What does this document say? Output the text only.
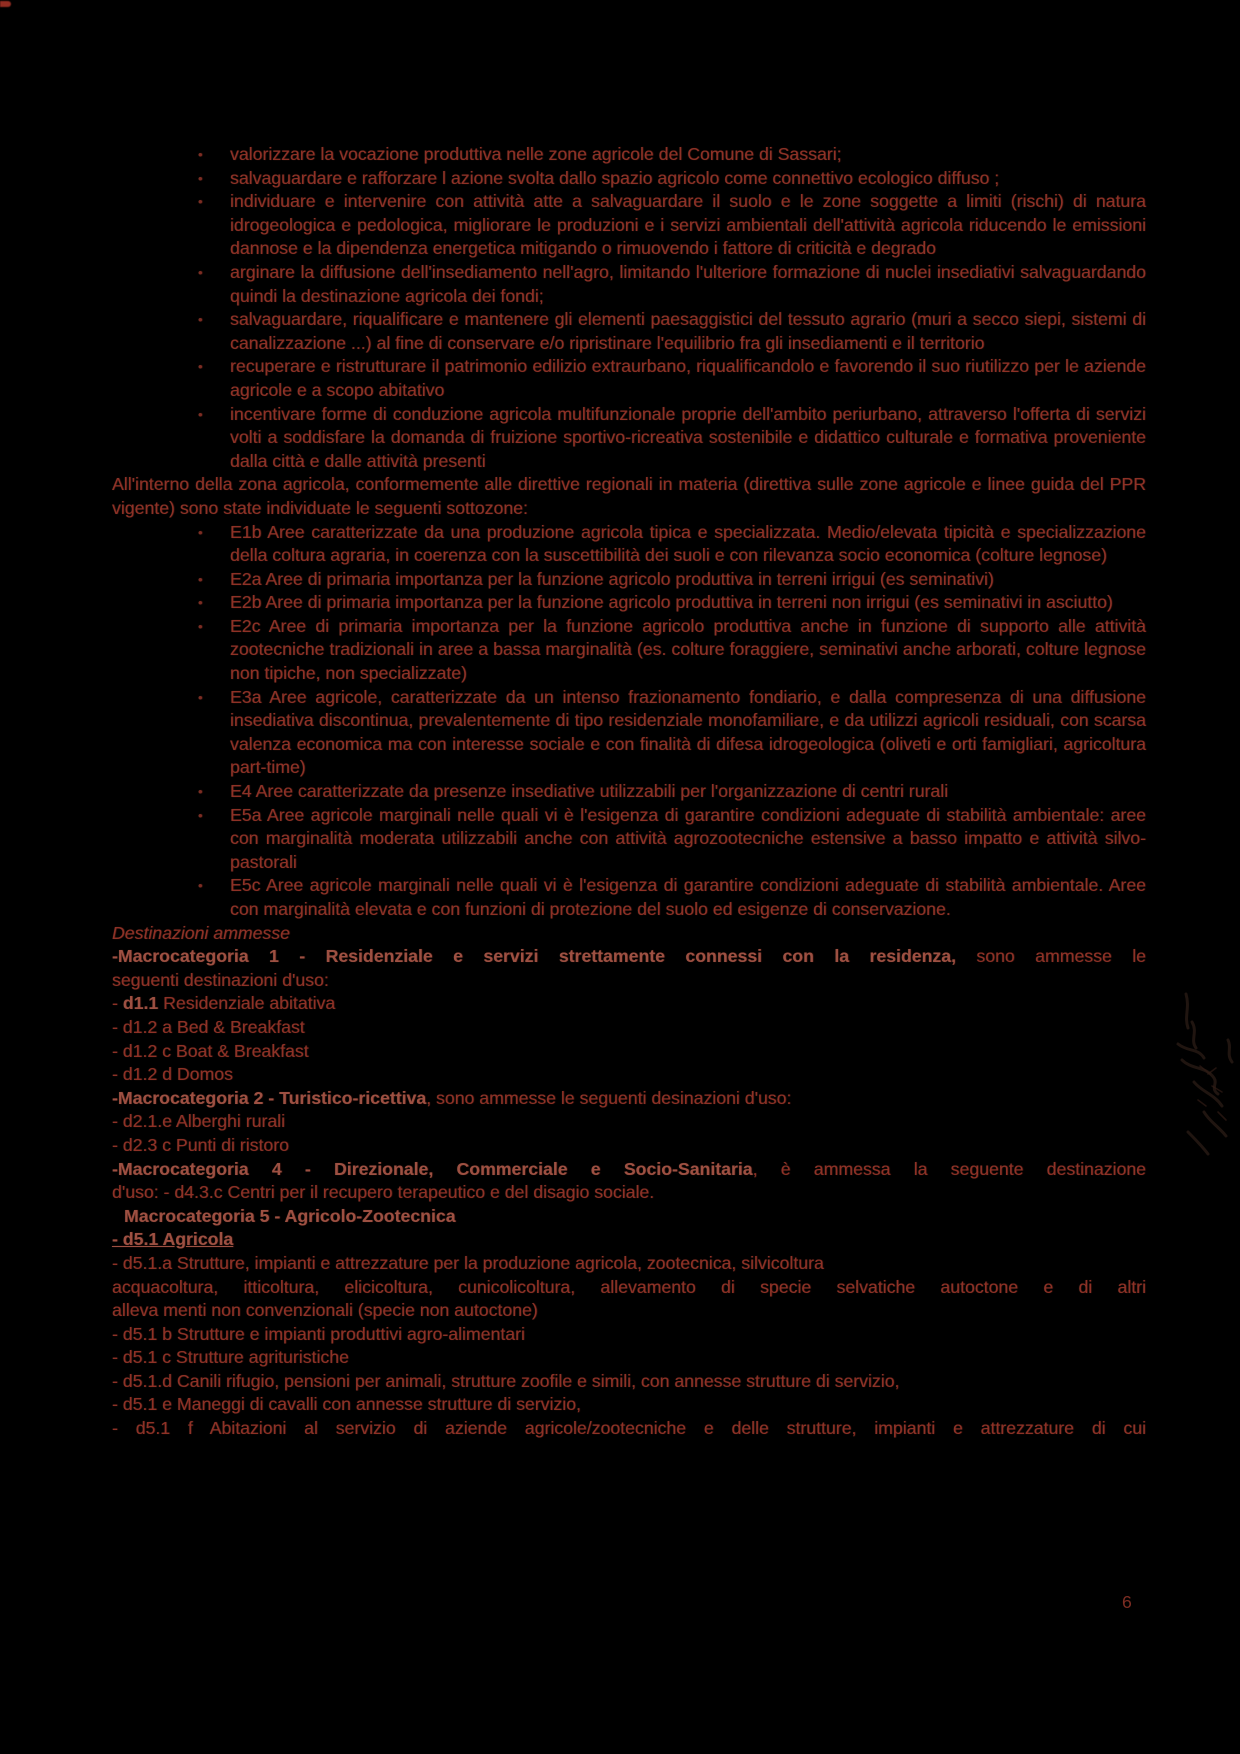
• valorizzare la vocazione produttiva nelle zone agricole del Comune di Sassari;
• salvaguardare e rafforzare l azione svolta dallo spazio agricolo come connettivo ecologico diffuso ;
• individuare e intervenire con attività atte a salvaguardare il suolo e le zone soggette a limiti (rischi) di natura idrogeologica e pedologica, migliorare le produzioni e i servizi ambientali dell'attività agricola riducendo le emissioni dannose e la dipendenza energetica mitigando o rimuovendo i fattore di criticità e degrado
• arginare la diffusione dell'insediamento nell'agro, limitando l'ulteriore formazione di nuclei insediativi salvaguardando quindi la destinazione agricola dei fondi;
• salvaguardare, riqualificare e mantenere gli elementi paesaggistici del tessuto agrario (muri a secco siepi, sistemi di canalizzazione ...) al fine di conservare e/o ripristinare l'equilibrio fra gli insediamenti e il territorio
• recuperare e ristrutturare il patrimonio edilizio extraurbano, riqualificandolo e favorendo il suo riutilizzo per le aziende agricole e a scopo abitativo
• incentivare forme di conduzione agricola multifunzionale proprie dell'ambito periurbano, attraverso l'offerta di servizi volti a soddisfare la domanda di fruizione sportivo-ricreativa sostenibile e didattico culturale e formativa proveniente dalla città e dalle attività presenti

All'interno della zona agricola, conformemente alle direttive regionali in materia (direttiva sulle zone agricole e linee guida del PPR vigente) sono state individuate le seguenti sottozone:

• E1b Aree caratterizzate da una produzione agricola tipica e specializzata. Medio/elevata tipicità e specializzazione della coltura agraria, in coerenza con la suscettibilità dei suoli e con rilevanza socio economica (colture legnose)
• E2a Aree di primaria importanza per la funzione agricolo produttiva in terreni irrigui (es seminativi)
• E2b Aree di primaria importanza per la funzione agricolo produttiva in terreni non irrigui (es seminativi in asciutto)
• E2c Aree di primaria importanza per la funzione agricolo produttiva anche in funzione di supporto alle attività zootecniche tradizionali in aree a bassa marginalità (es. colture foraggiere, seminativi anche arborati, colture legnose non tipiche, non specializzate)
• E3a Aree agricole, caratterizzate da un intenso frazionamento fondiario, e dalla compresenza di una diffusione insediativa discontinua, prevalentemente di tipo residenziale monofamiliare, e da utilizzi agricoli residuali, con scarsa valenza economica ma con interesse sociale e con finalità di difesa idrogeologica (oliveti e orti famigliari, agricoltura part-time)
• E4 Aree caratterizzate da presenze insediative utilizzabili per l'organizzazione di centri rurali
• E5a Aree agricole marginali nelle quali vi è l'esigenza di garantire condizioni adeguate di stabilità ambientale: aree con marginalità moderata utilizzabili anche con attività agrozootecniche estensive a basso impatto e attività silvo-pastorali
• E5c Aree agricole marginali nelle quali vi è l'esigenza di garantire condizioni adeguate di stabilità ambientale. Aree con marginalità elevata e con funzioni di protezione del suolo ed esigenze di conservazione.

Destinazioni ammesse

-Macrocategoria 1 - Residenziale e servizi strettamente connessi con la residenza, sono ammesse le

seguenti destinazioni d'uso:

- d1.1 Residenziale abitativa

- d1.2 a Bed & Breakfast

- d1.2 c Boat & Breakfast

- d1.2 d Domos

-Macrocategoria 2 - Turistico-ricettiva, sono ammesse le seguenti desinazioni d'uso:

- d2.1.e Alberghi rurali

- d2.3 c Punti di ristoro

-Macrocategoria 4 - Direzionale, Commerciale e Socio-Sanitaria, è ammessa la seguente destinazione

d'uso: - d4.3.c Centri per il recupero terapeutico e del disagio sociale.

Macrocategoria 5 - Agricolo-Zootecnica

- d5.1 Agricola

- d5.1.a Strutture, impianti e attrezzature per la produzione agricola, zootecnica, silvicoltura

acquacoltura, itticoltura, elicicoltura, cunicolicoltura, allevamento di specie selvatiche autoctone e di altri

alleva menti non convenzionali (specie non autoctone)

- d5.1 b Strutture e impianti produttivi agro-alimentari

- d5.1 c Strutture agrituristiche

- d5.1.d Canili rifugio, pensioni per animali, strutture zoofile e simili, con annesse strutture di servizio,

- d5.1 e Maneggi di cavalli con annesse strutture di servizio,

- d5.1 f Abitazioni al servizio di aziende agricole/zootecniche e delle strutture, impianti e attrezzature di cui

6
